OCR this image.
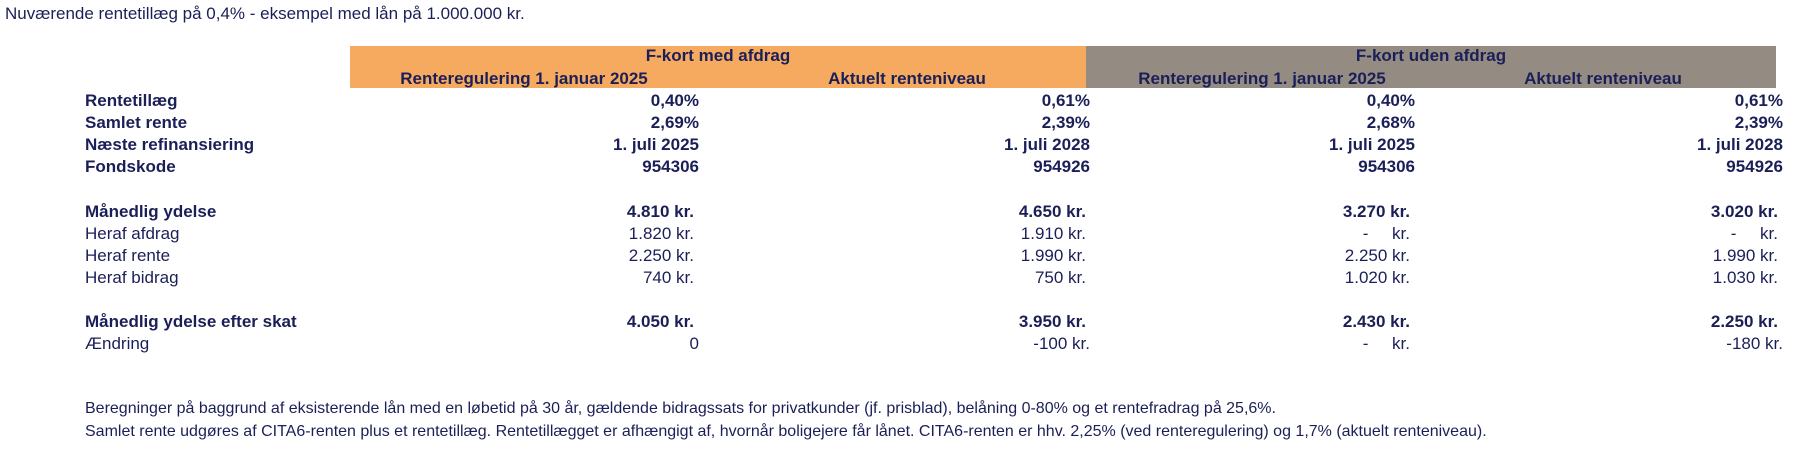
Nuværende rentetillæg på 0,4% - eksempel med lån på 1.000.000 kr.
F-kort med afdrag	F-kort uden afdrag
Renteregulering 1. januar 2025	Aktuelt renteniveau	Renteregulering 1. januar 2025	Aktuelt renteniveau
Rentetillæg	0,40%	0,61%	0,40%	0,61%
Samlet rente	2,69%	2,39%	2,68%	2,39%
Næste refinansiering	1. juli 2025	1. juli 2028	1. juli 2025	1. juli 2028
Fondskode	954306	954926	954306	954926
Månedlig ydelse	4.810 kr.	4.650 kr.	3.270 kr.	3.020 kr.
Heraf afdrag	1.820 kr.	1.910 kr.	-     kr.	-     kr.
Heraf rente	2.250 kr.	1.990 kr.	2.250 kr.	1.990 kr.
Heraf bidrag	740 kr.	750 kr.	1.020 kr.	1.030 kr.
Månedlig ydelse efter skat	4.050 kr.	3.950 kr.	2.430 kr.	2.250 kr.
Ændring	0	-100 kr.	-     kr.	-180 kr.
Beregninger på baggrund af eksisterende lån med en løbetid på 30 år, gældende bidragssats for privatkunder (jf. prisblad), belåning 0-80% og et rentefradrag på 25,6%.
Samlet rente udgøres af CITA6-renten plus et rentetillæg. Rentetillægget er afhængigt af, hvornår boligejere får lånet. CITA6-renten er hhv. 2,25% (ved renteregulering) og 1,7% (aktuelt renteniveau).
